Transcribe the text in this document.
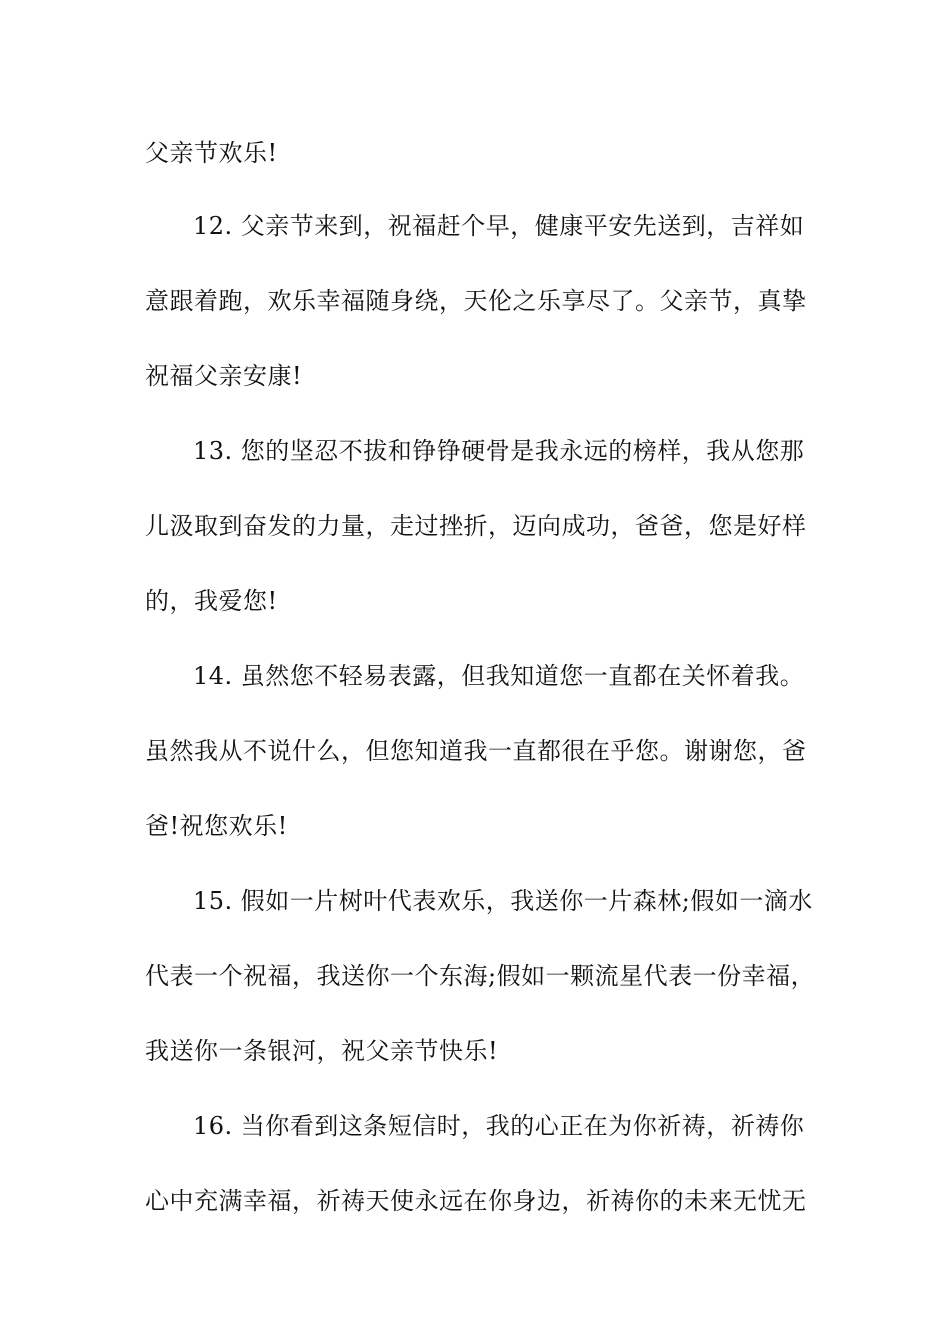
父亲节欢乐!
12. 父亲节来到，祝福赶个早，健康平安先送到，吉祥如
意跟着跑，欢乐幸福随身绕，天伦之乐享尽了。父亲节，真挚
祝福父亲安康!
13. 您的坚忍不拔和铮铮硬骨是我永远的榜样，我从您那
儿汲取到奋发的力量，走过挫折，迈向成功，爸爸，您是好样
的，我爱您!
14. 虽然您不轻易表露，但我知道您一直都在关怀着我。
虽然我从不说什么，但您知道我一直都很在乎您。谢谢您，爸
爸!祝您欢乐!
15. 假如一片树叶代表欢乐，我送你一片森林;假如一滴水
代表一个祝福，我送你一个东海;假如一颗流星代表一份幸福，
我送你一条银河，祝父亲节快乐!
16. 当你看到这条短信时，我的心正在为你祈祷，祈祷你
心中充满幸福，祈祷天使永远在你身边，祈祷你的未来无忧无
